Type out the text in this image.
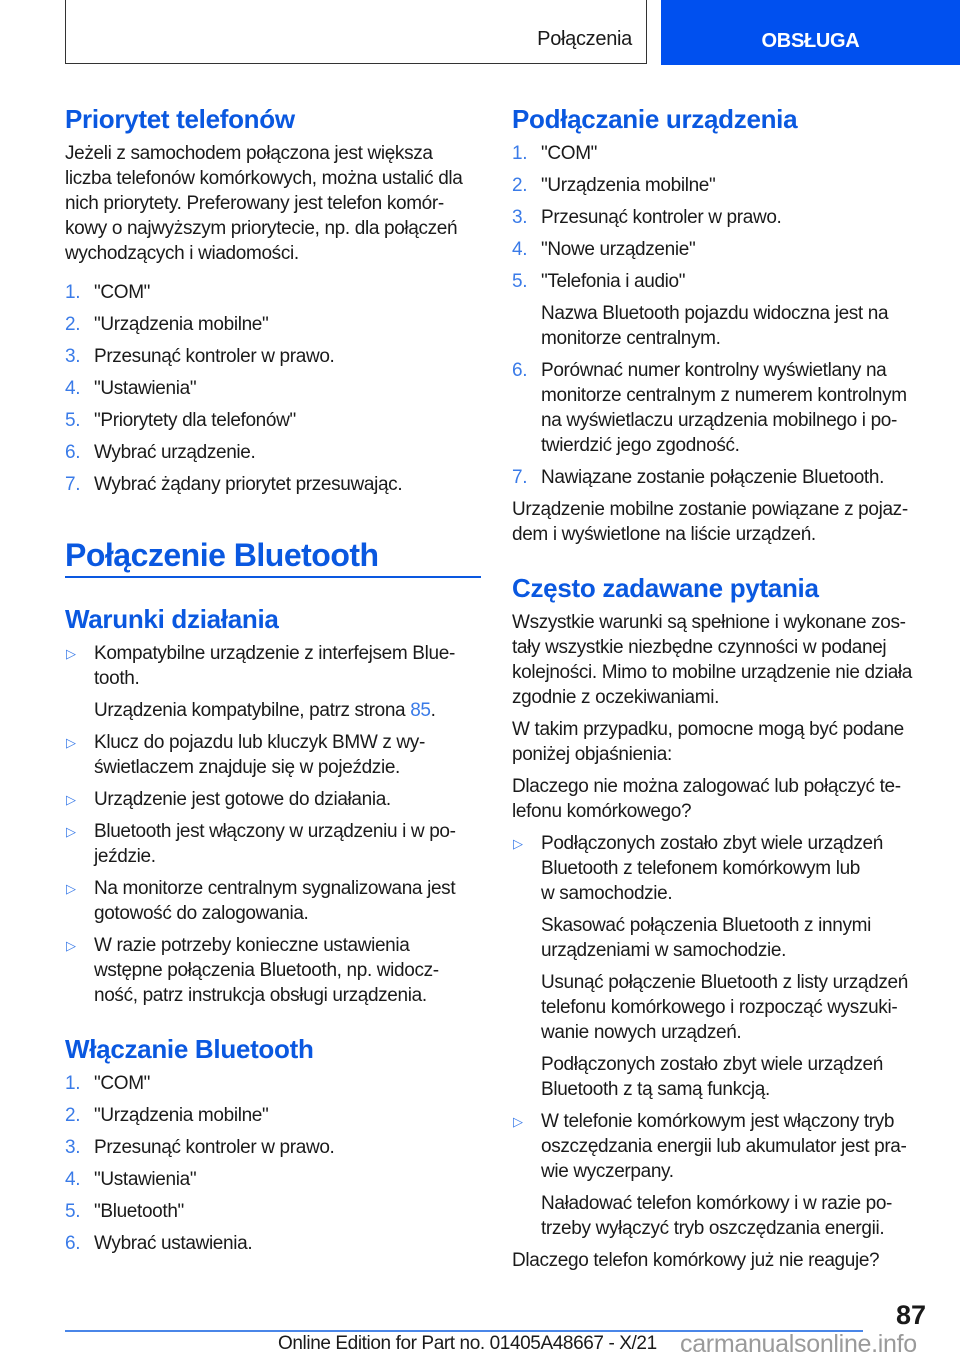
Połączenia	OBSŁUGA
Priorytet telefonów
Jeżeli z samochodem połączona jest większa
liczba telefonów komórkowych, można ustalić dla
nich priorytety. Preferowany jest telefon komór-
kowy o najwyższym priorytecie, np. dla połączeń
wychodzących i wiadomości.
1. "COM"
2. "Urządzenia mobilne"
3. Przesunąć kontroler w prawo.
4. "Ustawienia"
5. "Priorytety dla telefonów"
6. Wybrać urządzenie.
7. Wybrać żądany priorytet przesuwając.
Połączenie Bluetooth
Warunki działania
▷ Kompatybilne urządzenie z interfejsem Blue-
tooth.
Urządzenia kompatybilne, patrz strona 85.
▷ Klucz do pojazdu lub kluczyk BMW z wy-
świetlaczem znajduje się w pojeździe.
▷ Urządzenie jest gotowe do działania.
▷ Bluetooth jest włączony w urządzeniu i w po-
jeździe.
▷ Na monitorze centralnym sygnalizowana jest
gotowość do zalogowania.
▷ W razie potrzeby konieczne ustawienia
wstępne połączenia Bluetooth, np. widocz-
ność, patrz instrukcja obsługi urządzenia.
Włączanie Bluetooth
1. "COM"
2. "Urządzenia mobilne"
3. Przesunąć kontroler w prawo.
4. "Ustawienia"
5. "Bluetooth"
6. Wybrać ustawienia.
Podłączanie urządzenia
1. "COM"
2. "Urządzenia mobilne"
3. Przesunąć kontroler w prawo.
4. "Nowe urządzenie"
5. "Telefonia i audio"
Nazwa Bluetooth pojazdu widoczna jest na
monitorze centralnym.
6. Porównać numer kontrolny wyświetlany na
monitorze centralnym z numerem kontrolnym
na wyświetlaczu urządzenia mobilnego i po-
twierdzić jego zgodność.
7. Nawiązane zostanie połączenie Bluetooth.
Urządzenie mobilne zostanie powiązane z pojaz-
dem i wyświetlone na liście urządzeń.
Często zadawane pytania
Wszystkie warunki są spełnione i wykonane zos-
tały wszystkie niezbędne czynności w podanej
kolejności. Mimo to mobilne urządzenie nie działa
zgodnie z oczekiwaniami.
W takim przypadku, pomocne mogą być podane
poniżej objaśnienia:
Dlaczego nie można zalogować lub połączyć te-
lefonu komórkowego?
▷ Podłączonych zostało zbyt wiele urządzeń
Bluetooth z telefonem komórkowym lub
w samochodzie.
Skasować połączenia Bluetooth z innymi
urządzeniami w samochodzie.
Usunąć połączenie Bluetooth z listy urządzeń
telefonu komórkowego i rozpocząć wyszuki-
wanie nowych urządzeń.
Podłączonych zostało zbyt wiele urządzeń
Bluetooth z tą samą funkcją.
▷ W telefonie komórkowym jest włączony tryb
oszczędzania energii lub akumulator jest pra-
wie wyczerpany.
Naładować telefon komórkowy i w razie po-
trzeby wyłączyć tryb oszczędzania energii.
Dlaczego telefon komórkowy już nie reaguje?
87
Online Edition for Part no. 01405A48667 - X/21 carmanualsonline.info
